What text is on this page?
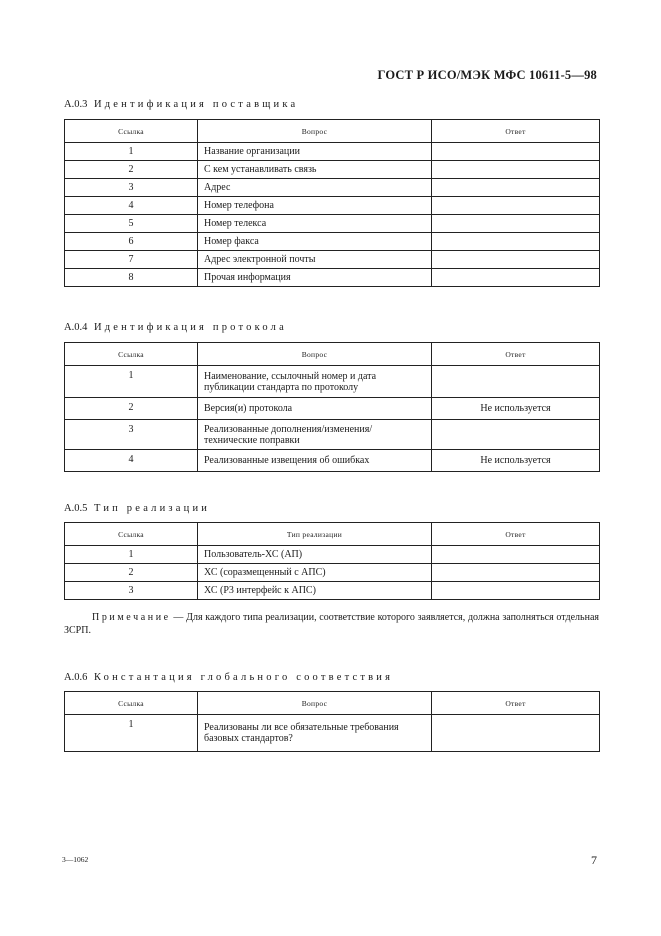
ГОСТ Р ИСО/МЭК МФС 10611-5—98
А.0.3 Идентификация поставщика
Ссылка	Вопрос	Ответ
1	Название организации	
2	С кем устанавливать связь	
3	Адрес	
4	Номер телефона	
5	Номер телекса	
6	Номер факса	
7	Адрес электронной почты	
8	Прочая информация	
А.0.4 Идентификация протокола
Ссылка	Вопрос	Ответ
1	Наименование, ссылочный номер и дата публикации стандарта по протоколу	
2	Версия(и) протокола	Не используется
3	Реализованные дополнения/изменения/ технические поправки	
4	Реализованные извещения об ошибках	Не используется
А.0.5 Тип реализации
Ссылка	Тип реализации	Ответ
1	Пользователь-ХС (АП)	
2	ХС (соразмещенный с АПС)	
3	ХС (Р3 интерфейс к АПС)	
Примечание — Для каждого типа реализации, соответствие которого заявляется, должна заполняться отдельная ЗСРП.
А.0.6 Константация глобального соответствия
Ссылка	Вопрос	Ответ
1	Реализованы ли все обязательные требования базовых стандартов?	
3—1062	7
